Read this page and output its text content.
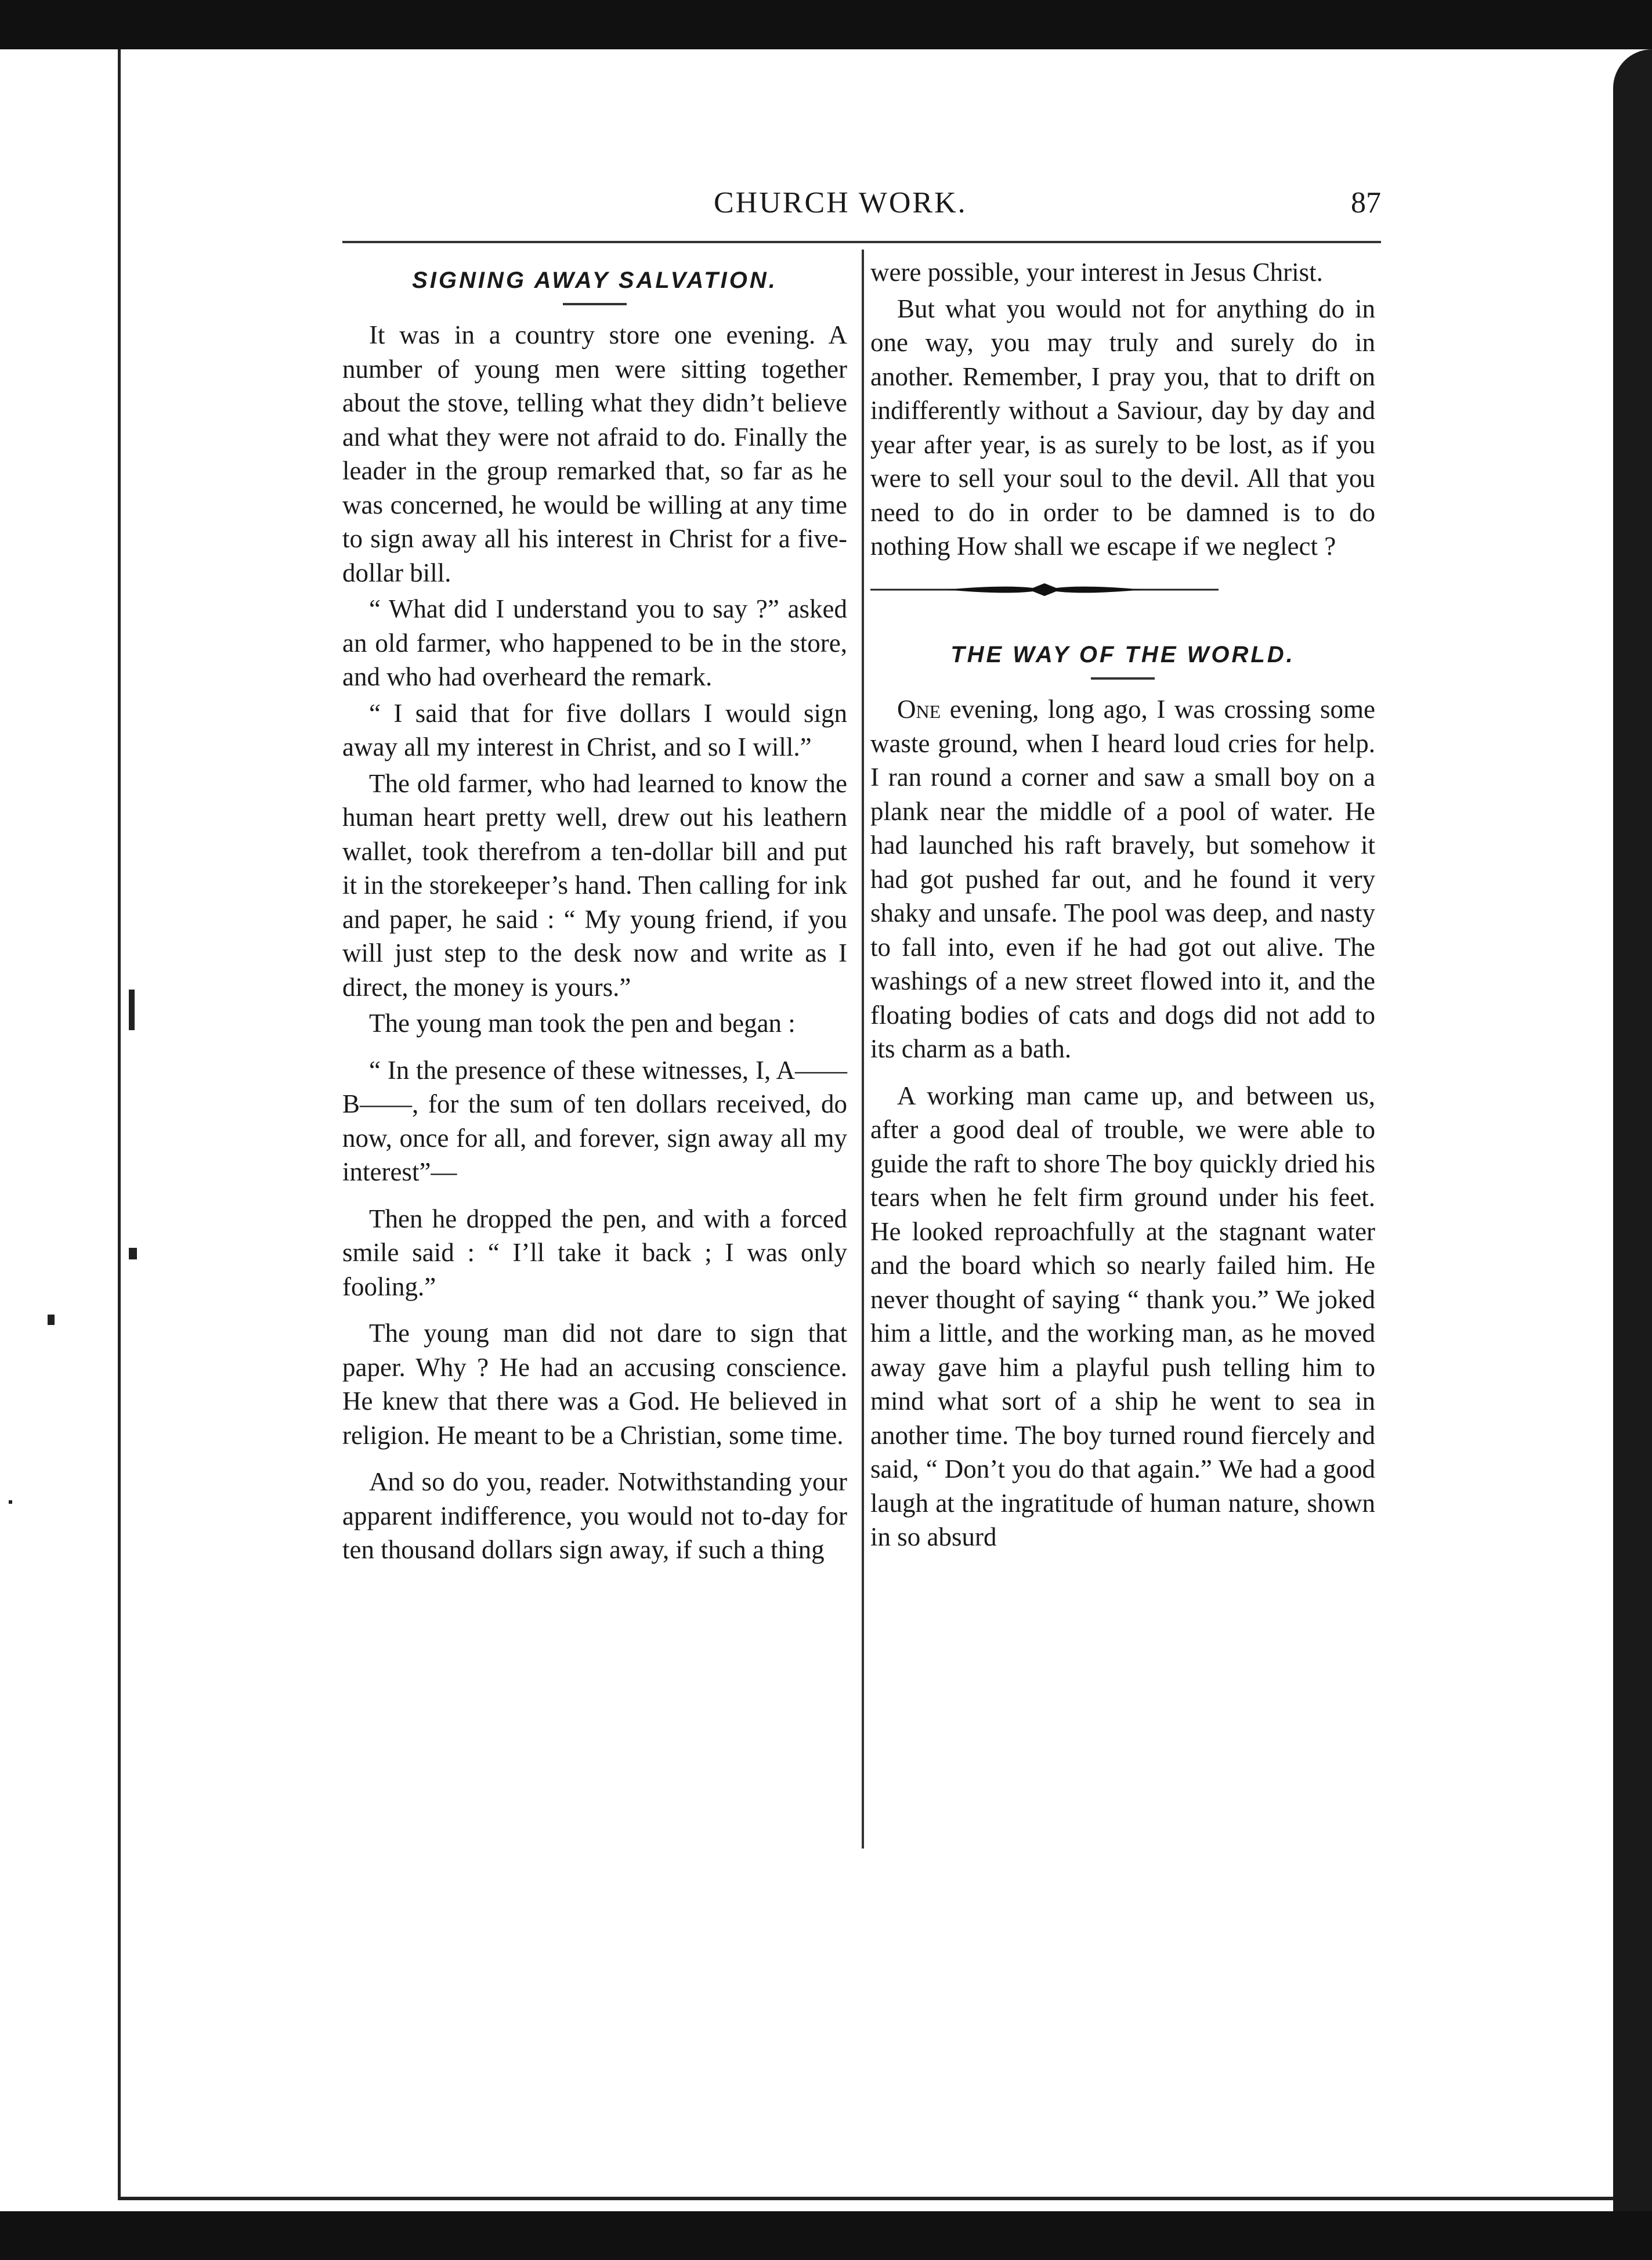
CHURCH WORK.	87
SIGNING AWAY SALVATION.

It was in a country store one evening. A number of young men were sitting together about the stove, telling what they didn’t believe and what they were not afraid to do. Finally the leader in the group remarked that, so far as he was concerned, he would be willing at any time to sign away all his interest in Christ for a five-dollar bill.

“ What did I understand you to say ?” asked an old farmer, who happened to be in the store, and who had overheard the remark.

“ I said that for five dollars I would sign away all my interest in Christ, and so I will.”

The old farmer, who had learned to know the human heart pretty well, drew out his leathern wallet, took therefrom a ten-dollar bill and put it in the storekeeper’s hand. Then calling for ink and paper, he said : “ My young friend, if you will just step to the desk now and write as I direct, the money is yours.”

The young man took the pen and began :

“ In the presence of these witnesses, I, A—— B——, for the sum of ten dollars received, do now, once for all, and forever, sign away all my interest”—

Then he dropped the pen, and with a forced smile said : “ I’ll take it back ; I was only fooling.”

The young man did not dare to sign that paper. Why ? He had an accusing conscience. He knew that there was a God. He believed in religion. He meant to be a Christian, some time.

And so do you, reader. Notwithstanding your apparent indifference, you would not to-day for ten thousand dollars sign away, if such a thing

were possible, your interest in Jesus Christ.

But what you would not for anything do in one way, you may truly and surely do in another. Remember, I pray you, that to drift on indifferently without a Saviour, day by day and year after year, is as surely to be lost, as if you were to sell your soul to the devil. All that you need to do in order to be damned is to do nothing How shall we escape if we neglect ?

THE WAY OF THE WORLD.

One evening, long ago, I was crossing some waste ground, when I heard loud cries for help. I ran round a corner and saw a small boy on a plank near the middle of a pool of water. He had launched his raft bravely, but somehow it had got pushed far out, and he found it very shaky and unsafe. The pool was deep, and nasty to fall into, even if he had got out alive. The washings of a new street flowed into it, and the floating bodies of cats and dogs did not add to its charm as a bath.

A working man came up, and between us, after a good deal of trouble, we were able to guide the raft to shore The boy quickly dried his tears when he felt firm ground under his feet. He looked reproachfully at the stagnant water and the board which so nearly failed him. He never thought of saying “ thank you.” We joked him a little, and the working man, as he moved away gave him a playful push telling him to mind what sort of a ship he went to sea in another time. The boy turned round fiercely and said, “ Don’t you do that again.” We had a good laugh at the ingratitude of human nature, shown in so absurd
